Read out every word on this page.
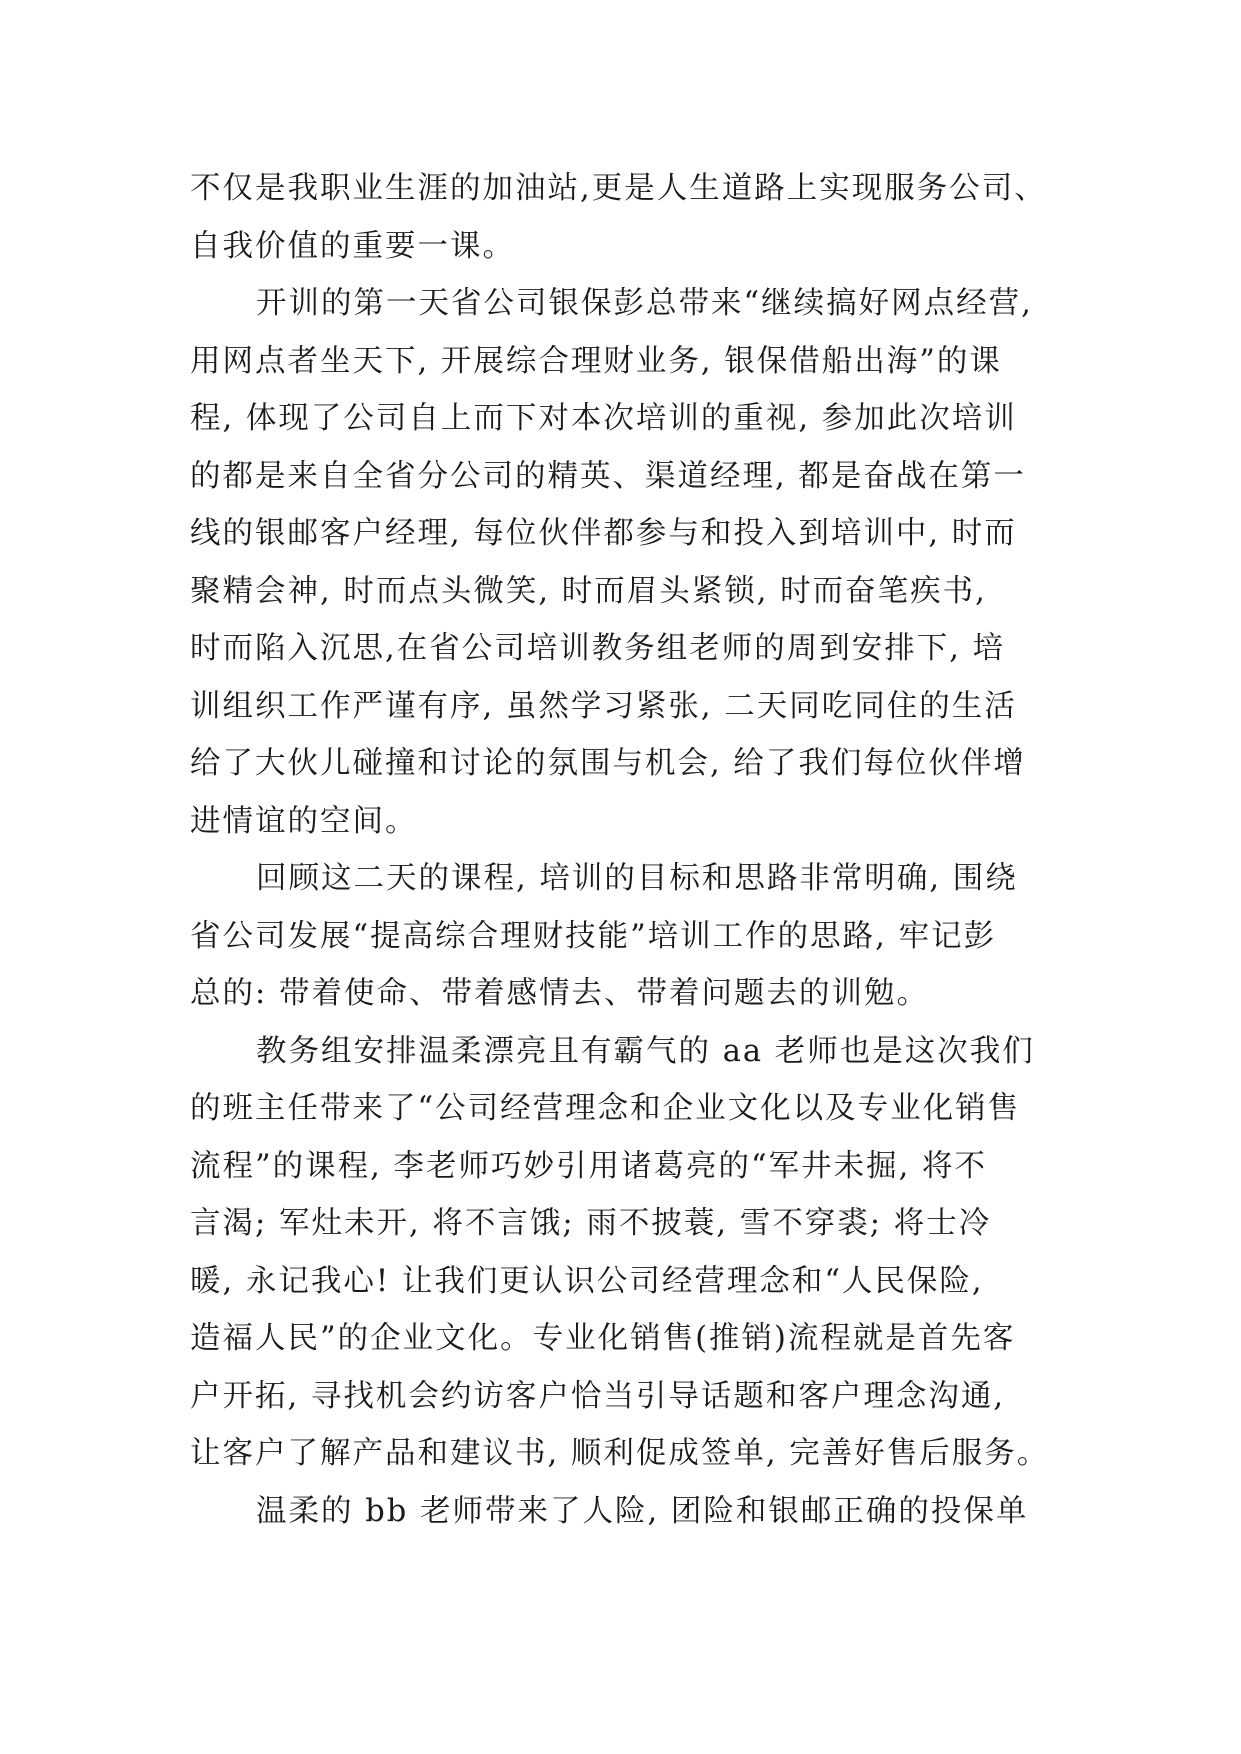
不仅是我职业生涯的加油站,更是人生道路上实现服务公司、
自我价值的重要一课。
开训的第一天省公司银保彭总带来“继续搞好网点经营,
用网点者坐天下, 开展综合理财业务, 银保借船出海”的课
程, 体现了公司自上而下对本次培训的重视, 参加此次培训
的都是来自全省分公司的精英、渠道经理, 都是奋战在第一
线的银邮客户经理, 每位伙伴都参与和投入到培训中, 时而
聚精会神, 时而点头微笑, 时而眉头紧锁, 时而奋笔疾书,
时而陷入沉思,在省公司培训教务组老师的周到安排下, 培
训组织工作严谨有序, 虽然学习紧张, 二天同吃同住的生活
给了大伙儿碰撞和讨论的氛围与机会, 给了我们每位伙伴增
进情谊的空间。
回顾这二天的课程, 培训的目标和思路非常明确, 围绕
省公司发展“提高综合理财技能”培训工作的思路, 牢记彭
总的: 带着使命、带着感情去、带着问题去的训勉。
教务组安排温柔漂亮且有霸气的 aa 老师也是这次我们
的班主任带来了“公司经营理念和企业文化以及专业化销售
流程”的课程, 李老师巧妙引用诸葛亮的“军井未掘, 将不
言渴; 军灶未开, 将不言饿; 雨不披蓑, 雪不穿裘; 将士冷
暖, 永记我心! 让我们更认识公司经营理念和“人民保险,
造福人民”的企业文化。专业化销售(推销)流程就是首先客
户开拓, 寻找机会约访客户恰当引导话题和客户理念沟通,
让客户了解产品和建议书, 顺利促成签单, 完善好售后服务。
温柔的 bb 老师带来了人险, 团险和银邮正确的投保单
